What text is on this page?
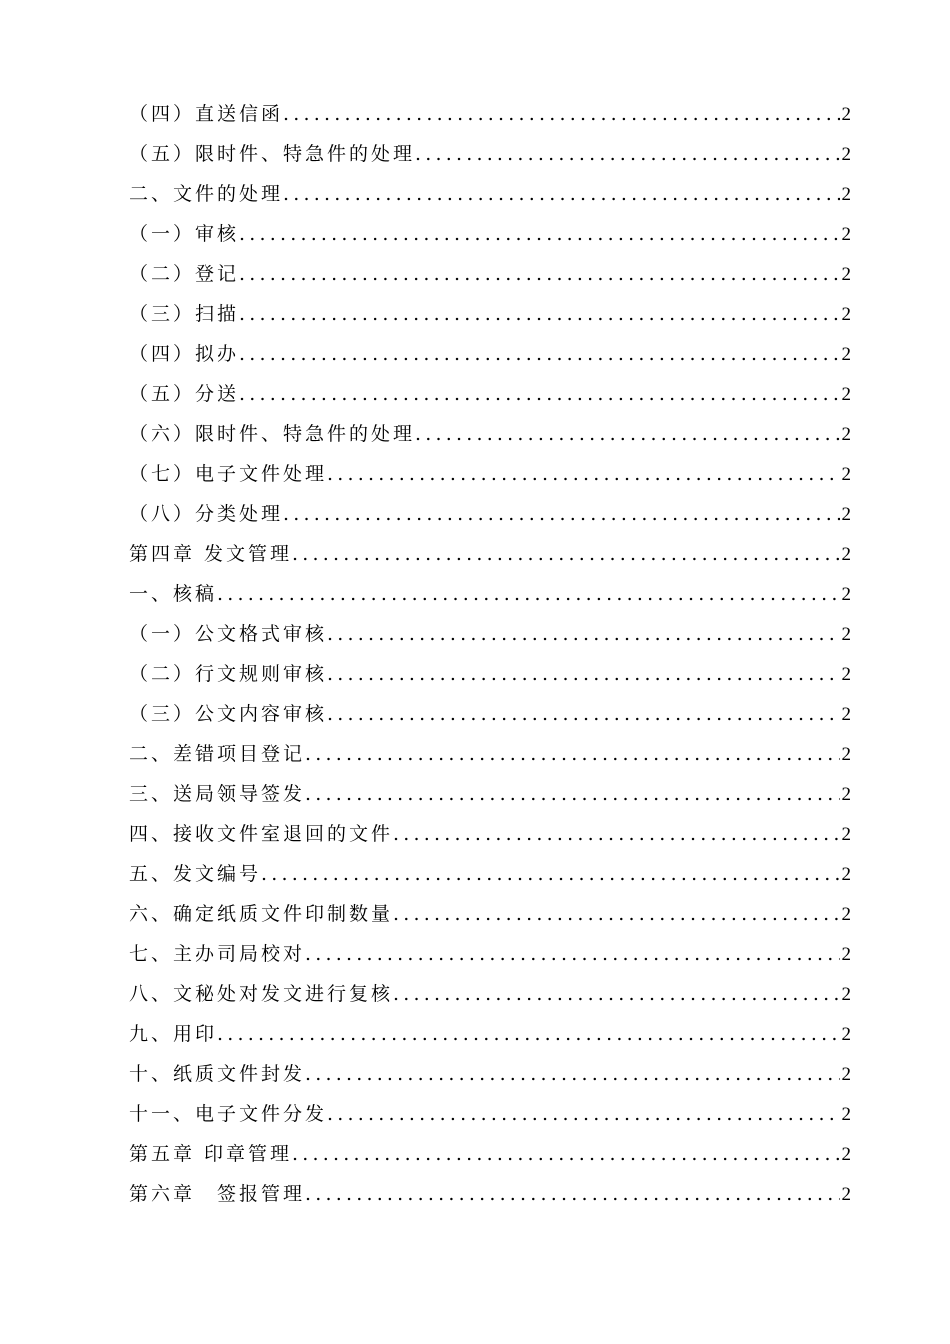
（四）直送信函 .....	2
（五）限时件、特急件的处理 .....	2
二、文件的处理 .....	2
（一）审核 .....	2
（二）登记 .....	2
（三）扫描 .....	2
（四）拟办 .....	2
（五）分送 .....	2
（六）限时件、特急件的处理 .....	2
（七）电子文件处理 .....	2
（八）分类处理 .....	2
第四章 发文管理 .....	2
一、核稿 .....	2
（一）公文格式审核 .....	2
（二）行文规则审核 .....	2
（三）公文内容审核 .....	2
二、差错项目登记 .....	2
三、送局领导签发 .....	2
四、接收文件室退回的文件 .....	2
五、发文编号 .....	2
六、确定纸质文件印制数量 .....	2
七、主办司局校对 .....	2
八、文秘处对发文进行复核 .....	2
九、用印 .....	2
十、纸质文件封发 .....	2
十一、电子文件分发 .....	2
第五章 印章管理 .....	2
第六章　签报管理 .....	2
